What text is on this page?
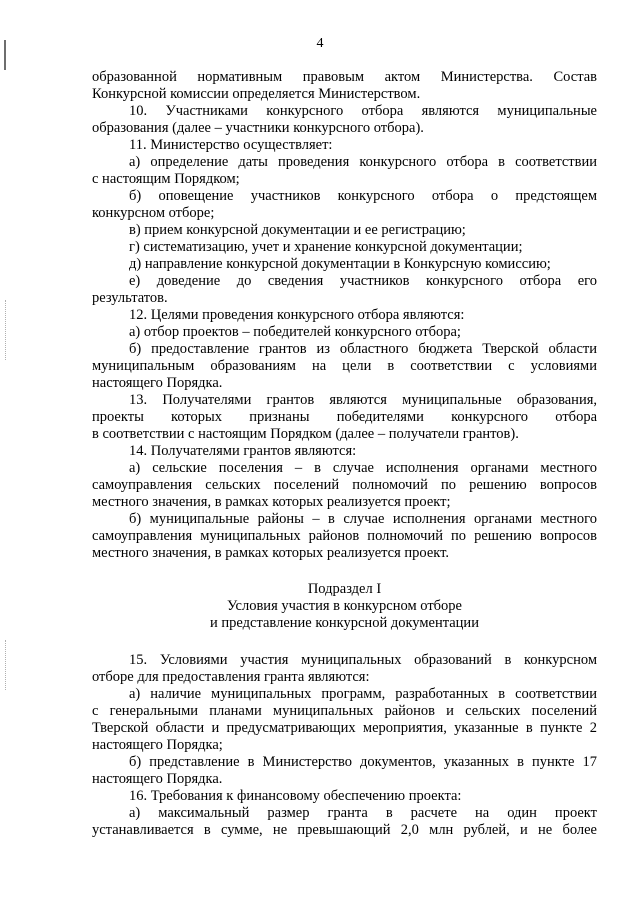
4
образованной нормативным правовым актом Министерства. Состав
Конкурсной комиссии определяется Министерством.
10. Участниками конкурсного отбора являются муниципальные
образования (далее – участники конкурсного отбора).
11. Министерство осуществляет:
а) определение даты проведения конкурсного отбора в соответствии
с настоящим Порядком;
б) оповещение участников конкурсного отбора о предстоящем
конкурсном отборе;
в) прием конкурсной документации и ее регистрацию;
г) систематизацию, учет и хранение конкурсной документации;
д) направление конкурсной документации в Конкурсную комиссию;
е) доведение до сведения участников конкурсного отбора его
результатов.
12. Целями проведения конкурсного отбора являются:
а) отбор проектов – победителей конкурсного отбора;
б) предоставление грантов из областного бюджета Тверской области
муниципальным образованиям на цели в соответствии с условиями
настоящего Порядка.
13. Получателями грантов являются муниципальные образования,
проекты которых признаны победителями конкурсного отбора
в соответствии с настоящим Порядком (далее – получатели грантов).
14. Получателями грантов являются:
а) сельские поселения – в случае исполнения органами местного
самоуправления сельских поселений полномочий по решению вопросов
местного значения, в рамках которых реализуется проект;
б) муниципальные районы – в случае исполнения органами местного
самоуправления муниципальных районов полномочий по решению вопросов
местного значения, в рамках которых реализуется проект.
Подраздел I
Условия участия в конкурсном отборе
и представление конкурсной документации
15. Условиями участия муниципальных образований в конкурсном
отборе для предоставления гранта являются:
а) наличие муниципальных программ, разработанных в соответствии
с генеральными планами муниципальных районов и сельских поселений
Тверской области и предусматривающих мероприятия, указанные в пункте 2
настоящего Порядка;
б) представление в Министерство документов, указанных в пункте 17
настоящего Порядка.
16. Требования к финансовому обеспечению проекта:
а) максимальный размер гранта в расчете на один проект
устанавливается в сумме, не превышающий 2,0 млн рублей, и не более
